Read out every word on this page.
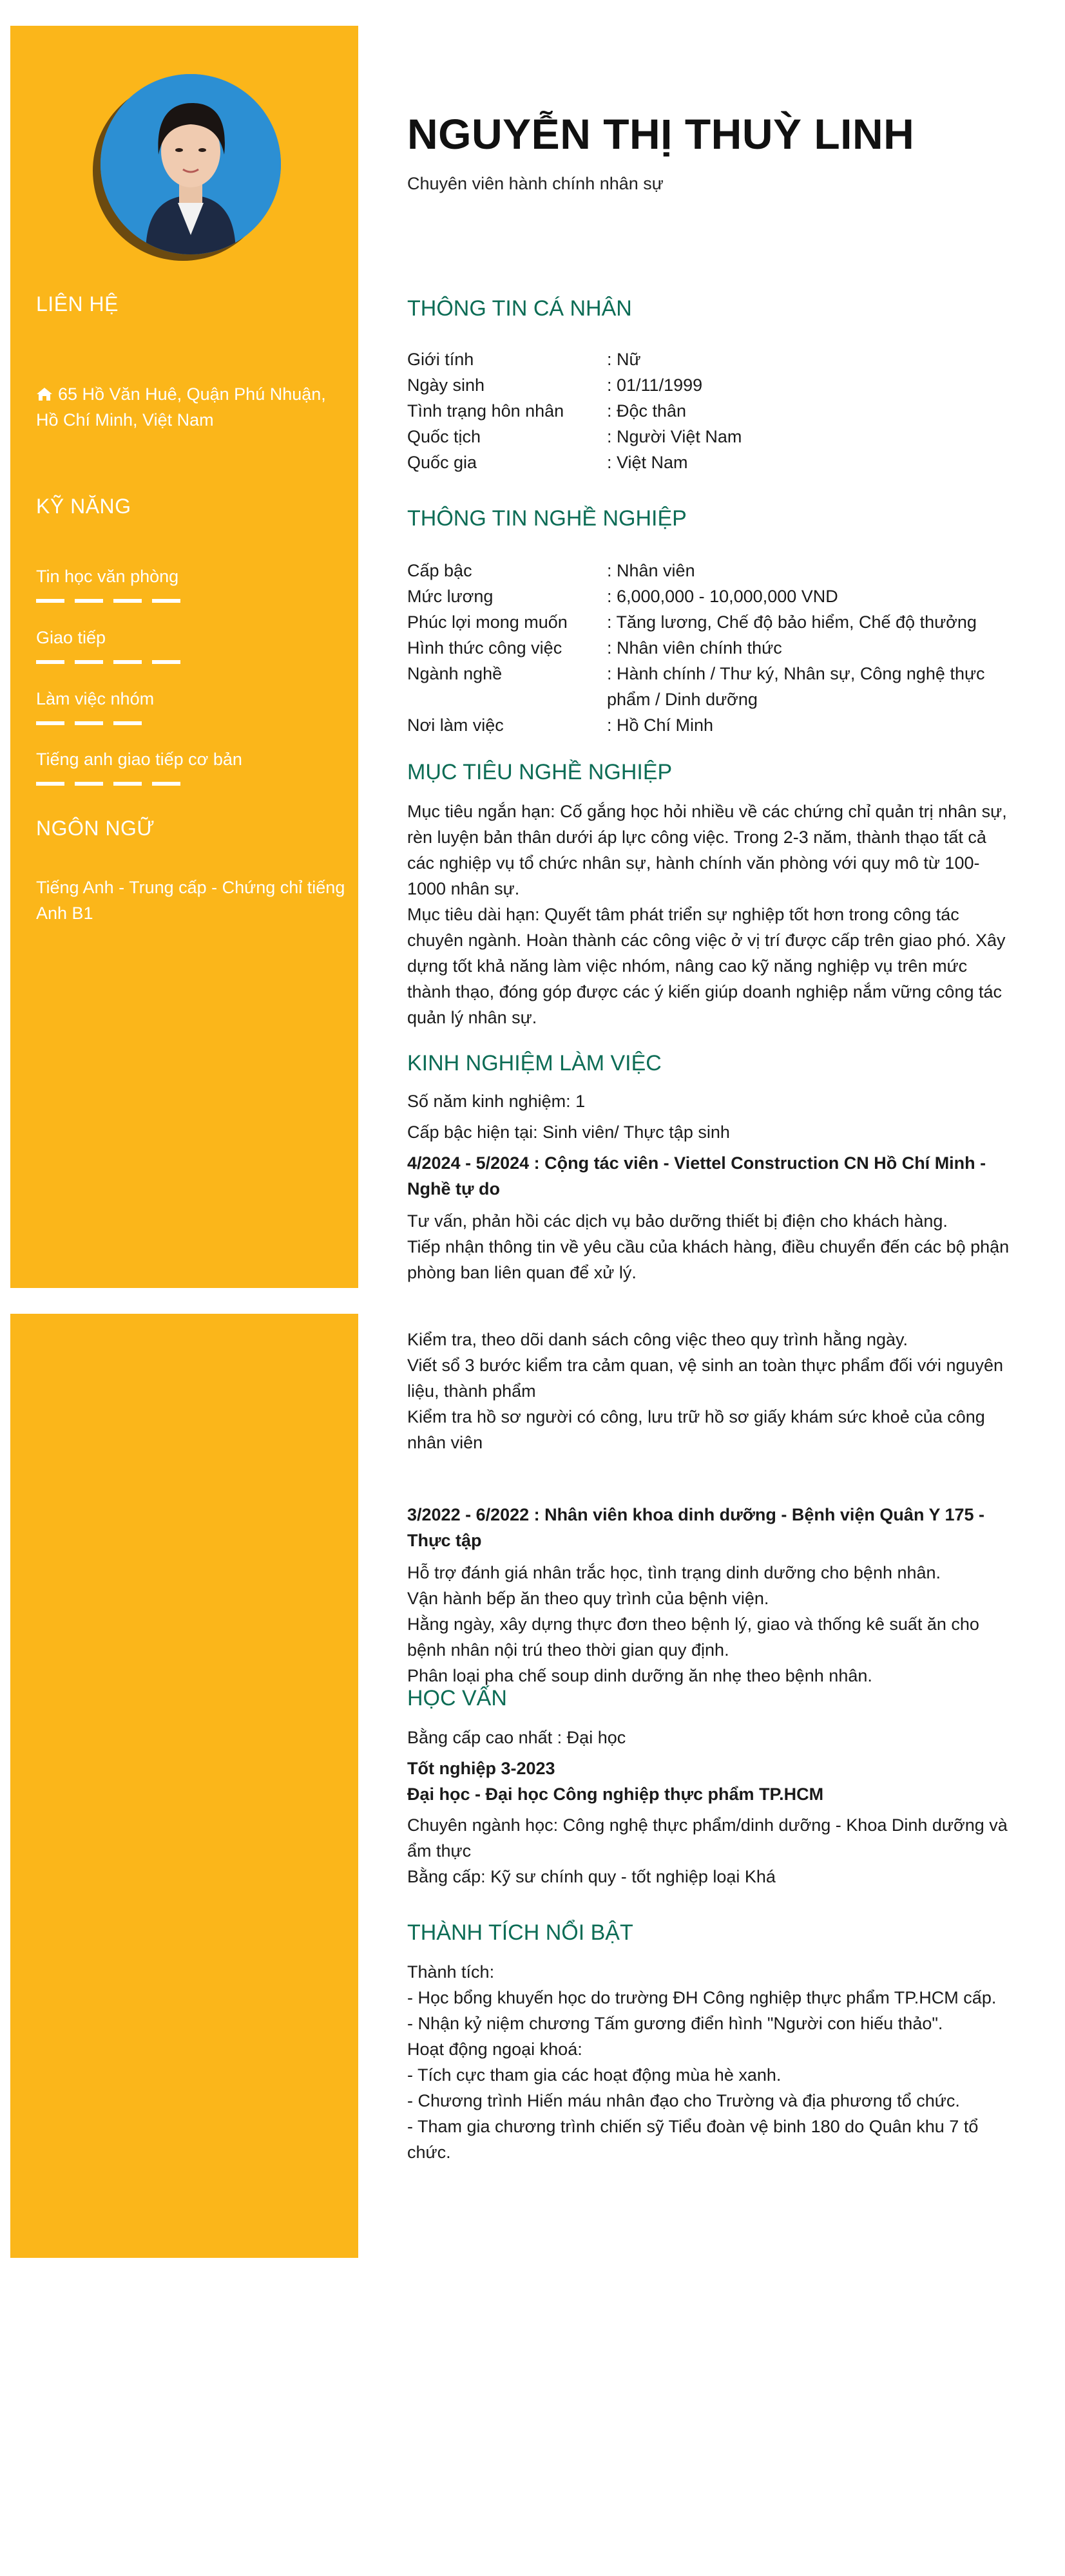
LIÊN HỆ
65 Hồ Văn Huê, Quận Phú Nhuận, Hồ Chí Minh, Việt Nam
KỸ NĂNG
Tin học văn phòng
Giao tiếp
Làm việc nhóm
Tiếng anh giao tiếp cơ bản
NGÔN NGỮ
Tiếng Anh - Trung cấp - Chứng chỉ tiếng Anh B1
NGUYỄN THỊ THUỲ LINH
Chuyên viên hành chính nhân sự
THÔNG TIN CÁ NHÂN
Giới tính	: Nữ
Ngày sinh	: 01/11/1999
Tình trạng hôn nhân	: Độc thân
Quốc tịch	: Người Việt Nam
Quốc gia	: Việt Nam
THÔNG TIN NGHỀ NGHIỆP
Cấp bậc	: Nhân viên
Mức lương	: 6,000,000 - 10,000,000 VND
Phúc lợi mong muốn	: Tăng lương, Chế độ bảo hiểm, Chế độ thưởng
Hình thức công việc	: Nhân viên chính thức
Ngành nghề	: Hành chính / Thư ký, Nhân sự, Công nghệ thực phẩm / Dinh dưỡng
Nơi làm việc	: Hồ Chí Minh
MỤC TIÊU NGHỀ NGHIỆP
Mục tiêu ngắn hạn: Cố gắng học hỏi nhiều về các chứng chỉ quản trị nhân sự, rèn luyện bản thân dưới áp lực công việc. Trong 2-3 năm, thành thạo tất cả các nghiệp vụ tổ chức nhân sự, hành chính văn phòng với quy mô từ 100-1000 nhân sự.
Mục tiêu dài hạn: Quyết tâm phát triển sự nghiệp tốt hơn trong công tác chuyên ngành. Hoàn thành các công việc ở vị trí được cấp trên giao phó. Xây dựng tốt khả năng làm việc nhóm, nâng cao kỹ năng nghiệp vụ trên mức thành thạo, đóng góp được các ý kiến giúp doanh nghiệp nắm vững công tác quản lý nhân sự.
KINH NGHIỆM LÀM VIỆC
Số năm kinh nghiệm: 1
Cấp bậc hiện tại: Sinh viên/ Thực tập sinh
4/2024 - 5/2024 : Cộng tác viên - Viettel Construction CN Hồ Chí Minh - Nghề tự do
Tư vấn, phản hồi các dịch vụ bảo dưỡng thiết bị điện cho khách hàng.
Tiếp nhận thông tin về yêu cầu của khách hàng, điều chuyển đến các bộ phận phòng ban liên quan để xử lý.
Kiểm tra, theo dõi danh sách công việc theo quy trình hằng ngày.
Viết sổ 3 bước kiểm tra cảm quan, vệ sinh an toàn thực phẩm đối với nguyên liệu, thành phẩm
Kiểm tra hồ sơ người có công, lưu trữ hồ sơ giấy khám sức khoẻ của công nhân viên
3/2022 - 6/2022 : Nhân viên khoa dinh dưỡng - Bệnh viện Quân Y 175 - Thực tập
Hỗ trợ đánh giá nhân trắc học, tình trạng dinh dưỡng cho bệnh nhân.
Vận hành bếp ăn theo quy trình của bệnh viện.
Hằng ngày, xây dựng thực đơn theo bệnh lý, giao và thống kê suất ăn cho bệnh nhân nội trú theo thời gian quy định.
Phân loại pha chế soup dinh dưỡng ăn nhẹ theo bệnh nhân.
HỌC VẤN
Bằng cấp cao nhất : Đại học
Tốt nghiệp 3-2023
Đại học - Đại học Công nghiệp thực phẩm TP.HCM
Chuyên ngành học: Công nghệ thực phẩm/dinh dưỡng - Khoa Dinh dưỡng và ẩm thực
Bằng cấp: Kỹ sư chính quy - tốt nghiệp loại Khá
THÀNH TÍCH NỔI BẬT
Thành tích:
- Học bổng khuyến học do trường ĐH Công nghiệp thực phẩm TP.HCM cấp.
- Nhận kỷ niệm chương Tấm gương điển hình "Người con hiếu thảo".
Hoạt động ngoại khoá:
- Tích cực tham gia các hoạt động mùa hè xanh.
- Chương trình Hiến máu nhân đạo cho Trường và địa phương tổ chức.
- Tham gia chương trình chiến sỹ Tiểu đoàn vệ binh 180 do Quân khu 7 tổ chức.
